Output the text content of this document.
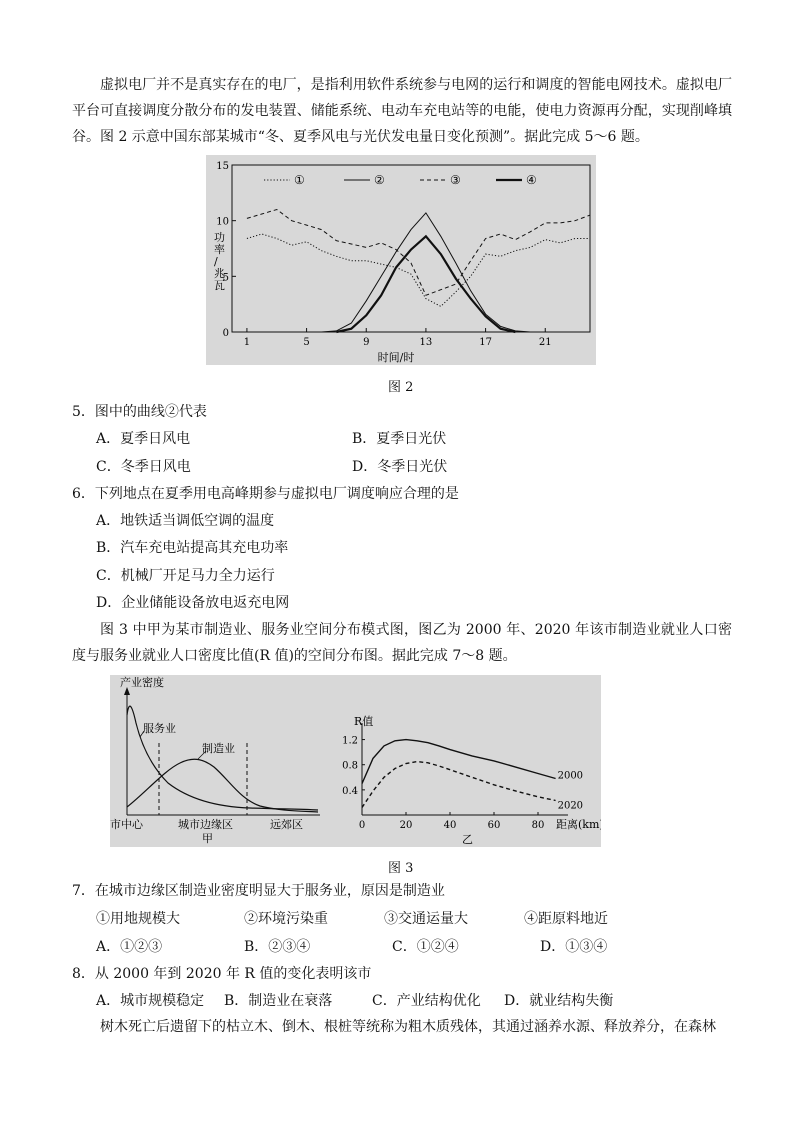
虚拟电厂并不是真实存在的电厂，是指利用软件系统参与电网的运行和调度的智能电网技术。虚拟电厂平台可直接调度分散分布的发电装置、储能系统、电动车充电站等的电能，使电力资源再分配，实现削峰填谷。图 2 示意中国东部某城市“冬、夏季风电与光伏发电量日变化预测”。据此完成 5～6 题。
0
5
10
15
1	5	9	13	17	21
①	②	③	④
功率/兆瓦
时间/时
图 2
5．图中的曲线②代表
A．夏季日风电	B．夏季日光伏
C．冬季日风电	D．冬季日光伏
6．下列地点在夏季用电高峰期参与虚拟电厂调度响应合理的是
A．地铁适当调低空调的温度
B．汽车充电站提高其充电功率
C．机械厂开足马力全力运行
D．企业储能设备放电返充电网
图 3 中甲为某市制造业、服务业空间分布模式图，图乙为 2000 年、2020 年该市制造业就业人口密度与服务业就业人口密度比值(R 值)的空间分布图。据此完成 7～8 题。
产业密度
服务业
制造业
市中心	城市边缘区	远郊区
甲
0.4
0.8
1.2
0	20	40	60	80
2000
2020
R值
距离(km)
乙
图 3
7．在城市边缘区制造业密度明显大于服务业，原因是制造业
①用地规模大	②环境污染重	③交通运量大	④距原料地近
A．①②③	B．②③④	C．①②④	D．①③④
8．从 2000 年到 2020 年 R 值的变化表明该市
A．城市规模稳定 B．制造业在衰落	C．产业结构优化 D．就业结构失衡
树木死亡后遗留下的枯立木、倒木、根桩等统称为粗木质残体，其通过涵养水源、释放养分，在森林
